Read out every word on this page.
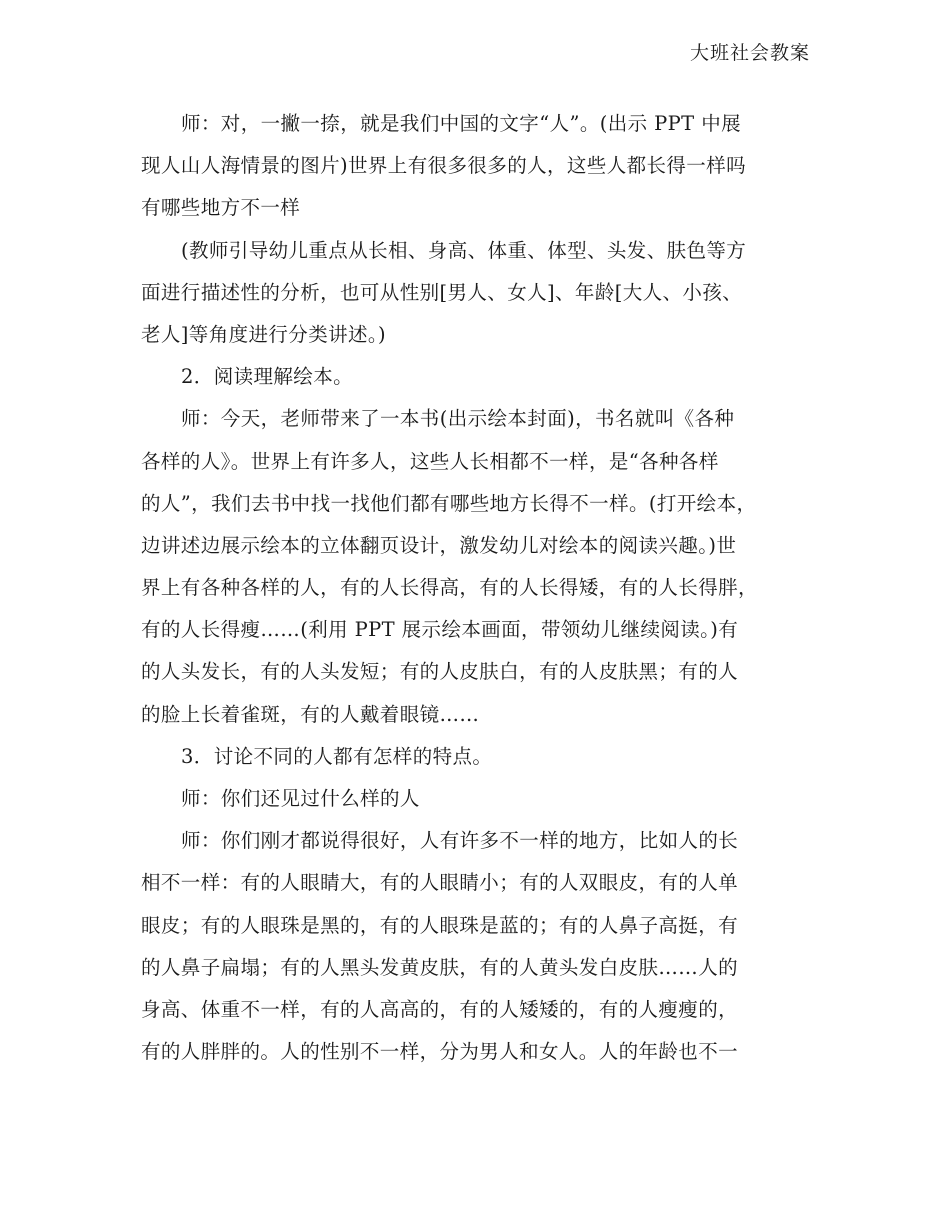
大班社会教案
师：对，一撇一捺，就是我们中国的文字“人”。(出示 PPT 中展
现人山人海情景的图片)世界上有很多很多的人，这些人都长得一样吗
有哪些地方不一样
(教师引导幼儿重点从长相、身高、体重、体型、头发、肤色等方
面进行描述性的分析，也可从性别[男人、女人]、年龄[大人、小孩、
老人]等角度进行分类讲述。)
2．阅读理解绘本。
师：今天，老师带来了一本书(出示绘本封面)，书名就叫《各种
各样的人》。世界上有许多人，这些人长相都不一样，是“各种各样
的人”，我们去书中找一找他们都有哪些地方长得不一样。(打开绘本，
边讲述边展示绘本的立体翻页设计，激发幼儿对绘本的阅读兴趣。)世
界上有各种各样的人，有的人长得高，有的人长得矮，有的人长得胖，
有的人长得瘦……(利用 PPT 展示绘本画面，带领幼儿继续阅读。)有
的人头发长，有的人头发短；有的人皮肤白，有的人皮肤黑；有的人
的脸上长着雀斑，有的人戴着眼镜……
3．讨论不同的人都有怎样的特点。
师：你们还见过什么样的人
师：你们刚才都说得很好，人有许多不一样的地方，比如人的长
相不一样：有的人眼睛大，有的人眼睛小；有的人双眼皮，有的人单
眼皮；有的人眼珠是黑的，有的人眼珠是蓝的；有的人鼻子高挺，有
的人鼻子扁塌；有的人黑头发黄皮肤，有的人黄头发白皮肤……人的
身高、体重不一样，有的人高高的，有的人矮矮的，有的人瘦瘦的，
有的人胖胖的。人的性别不一样，分为男人和女人。人的年龄也不一
